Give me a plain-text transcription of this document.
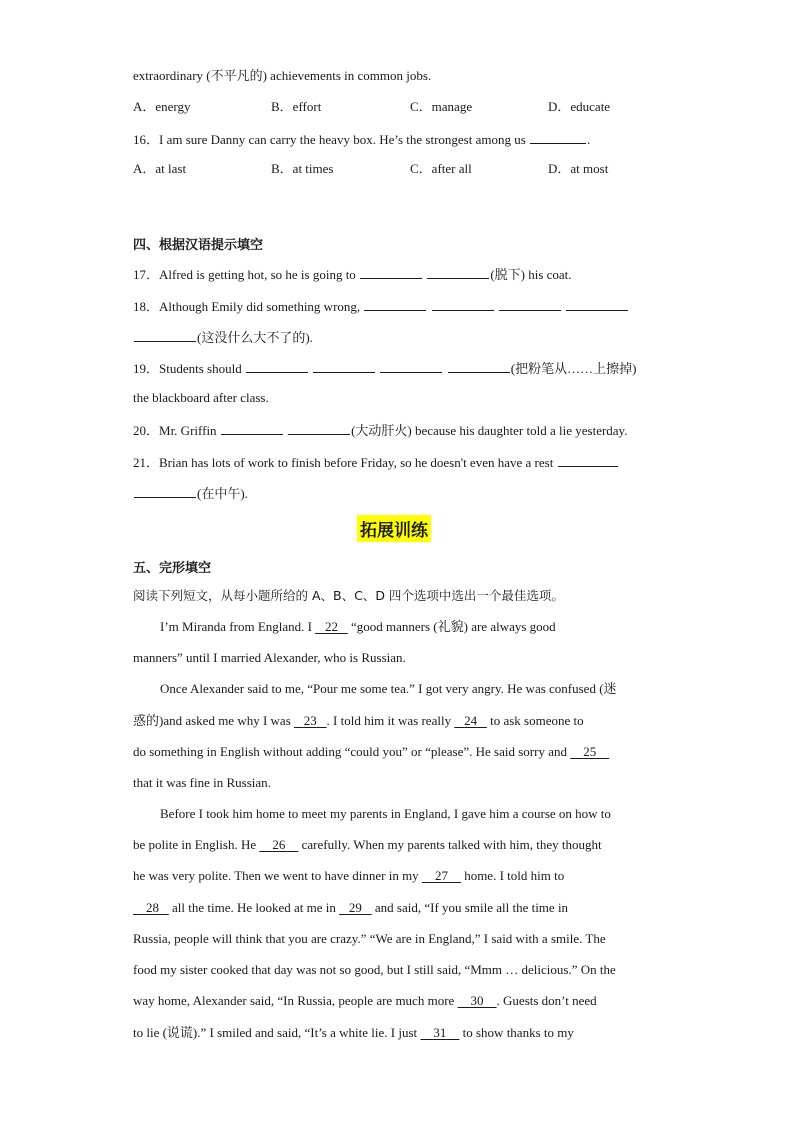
extraordinary (不平凡的) achievements in common jobs.
A．energy	B．effort	C．manage	D．educate
16．I am sure Danny can carry the heavy box. He’s the strongest among us	.
A．at last	B．at times	C．after all	D．at most
四、根据汉语提示填空
17．Alfred is getting hot, so he is going to	(脱下) his coat.
18．Although Emily did something wrong,
(这没什么大不了的).
19．Students should	(把粉笔从……上擦掉)
the blackboard after class.
20．Mr. Griffin	(大动肝火) because his daughter told a lie yesterday.
21．Brian has lots of work to finish before Friday, so he doesn't even have a rest
(在中午).
拓展训练
五、完形填空
阅读下列短文，从每小题所给的 A、B、C、D 四个选项中选出一个最佳选项。
I’m Miranda from England. I 22 “good manners (礼貌) are always good
manners” until I married Alexander, who is Russian.
Once Alexander said to me, “Pour me some tea.” I got very angry. He was confused (迷
惑的)and asked me why I was 23 . I told him it was really 24 to ask someone to
do something in English without adding “could you” or “please”. He said sorry and 25
that it was fine in Russian.
Before I took him home to meet my parents in England, I gave him a course on how to
be polite in English. He 26 carefully. When my parents talked with him, they thought
he was very polite. Then we went to have dinner in my 27 home. I told him to
28 all the time. He looked at me in 29 and said, “If you smile all the time in
Russia, people will think that you are crazy.” “We are in England,” I said with a smile. The
food my sister cooked that day was not so good, but I still said, “Mmm … delicious.” On the
way home, Alexander said, “In Russia, people are much more 30 . Guests don’t need
to lie (说谎).” I smiled and said, “It’s a white lie. I just 31 to show thanks to my
